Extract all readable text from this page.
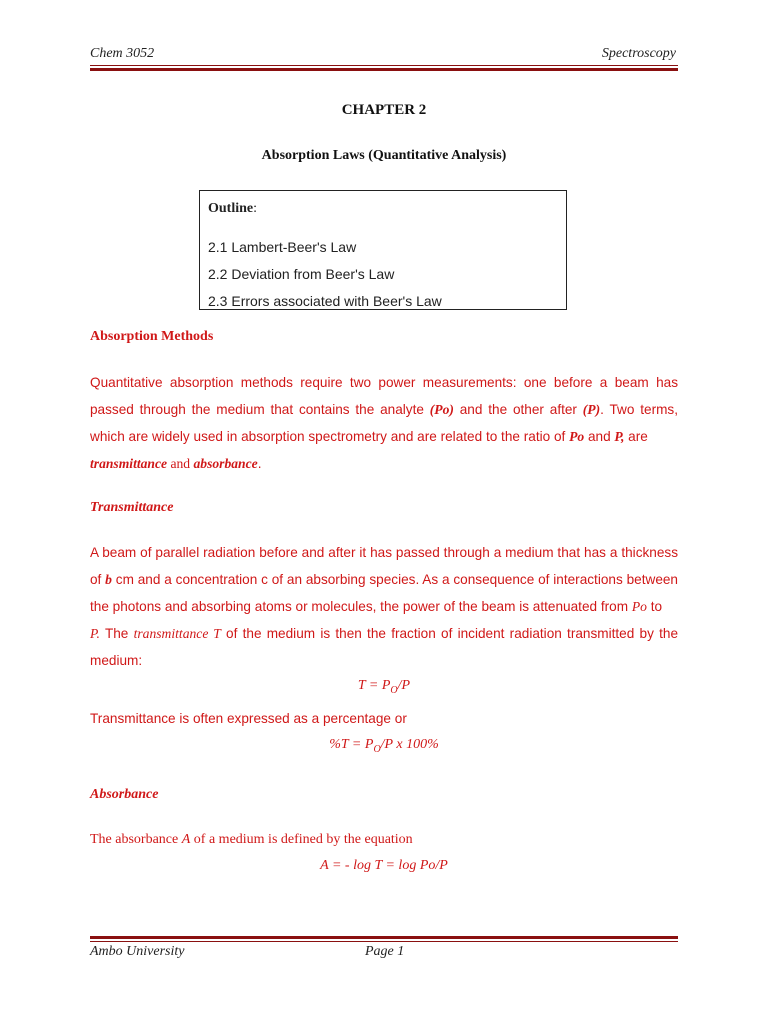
Chem 3052	Spectroscopy
CHAPTER 2
Absorption Laws (Quantitative Analysis)
Outline:
2.1 Lambert-Beer's Law
2.2 Deviation from Beer's Law
2.3 Errors associated with Beer's Law
Absorption Methods
Quantitative absorption methods require two power measurements: one before a beam has passed through the medium that contains the analyte (Po) and the other after (P). Two terms, which are widely used in absorption spectrometry and are related to the ratio of Po and P, are
transmittance and absorbance.
Transmittance
A beam of parallel radiation before and after it has passed through a medium that has a thickness of b cm and a concentration c of an absorbing species. As a consequence of interactions between the photons and absorbing atoms or molecules, the power of the beam is attenuated from Po to
P. The transmittance T of the medium is then the fraction of incident radiation transmitted by the medium:
$T = P_O/P$
Transmittance is often expressed as a percentage or
$\%T = P_O/P$ x 100%
Absorbance
The absorbance A of a medium is defined by the equation
A = - log T = log Po/P
Ambo University	Page 1
